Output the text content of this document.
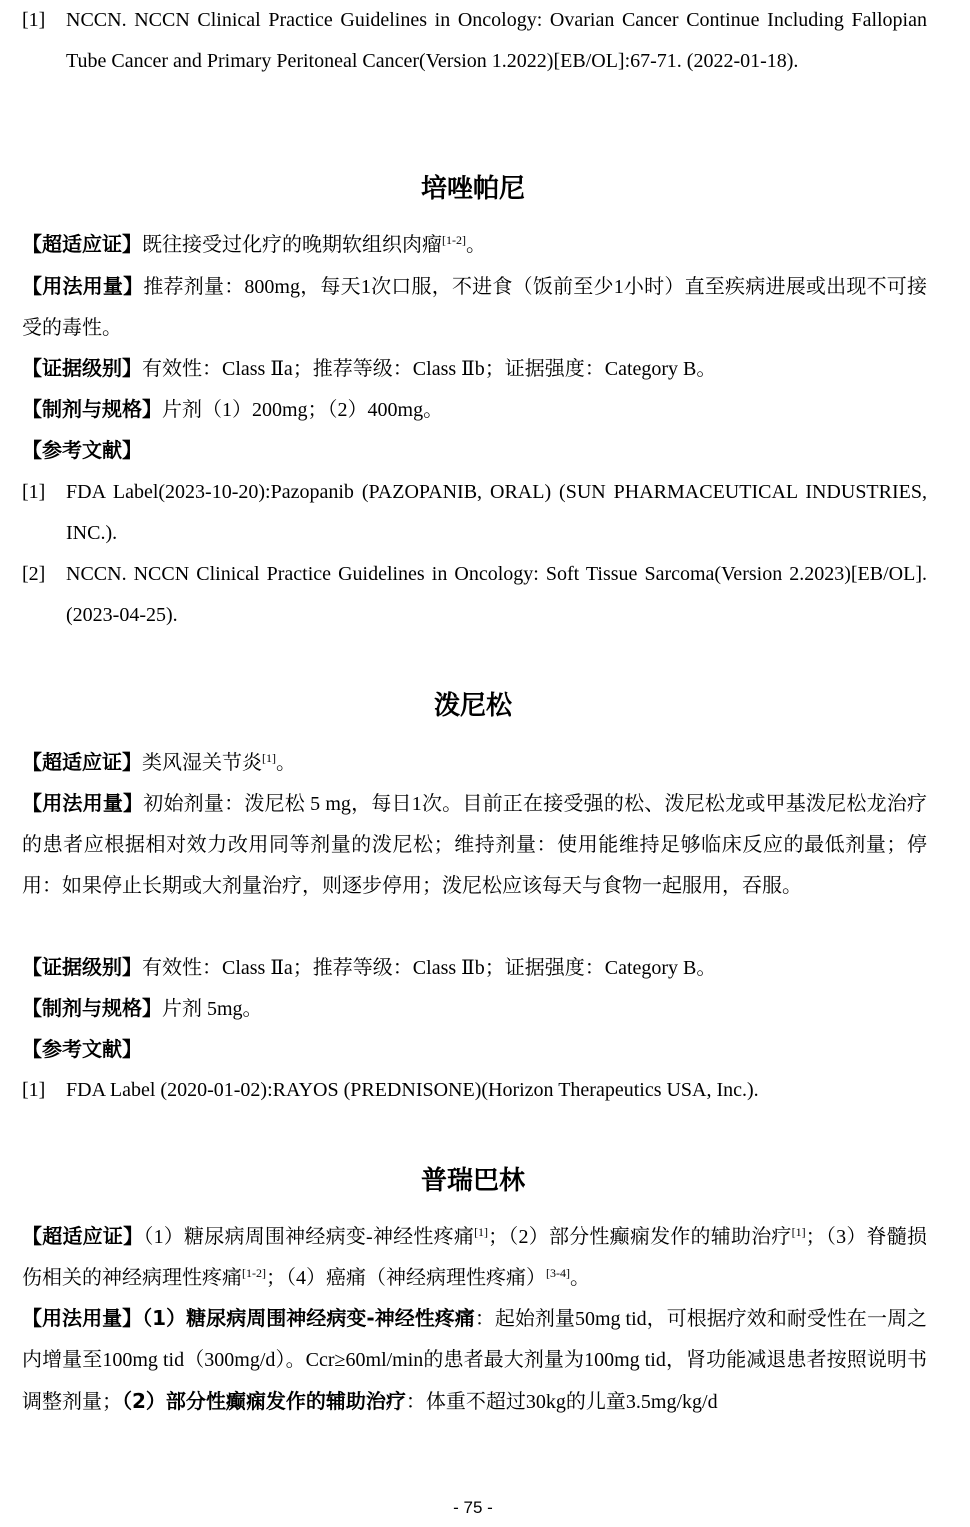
[1]	NCCN. NCCN Clinical Practice Guidelines in Oncology: Ovarian Cancer Continue Including Fallopian Tube Cancer and Primary Peritoneal Cancer(Version 1.2022)[EB/OL]:67-71. (2022-01-18).
培唑帕尼
【超适应证】既往接受过化疗的晚期软组织肉瘤[1-2]。
【用法用量】推荐剂量：800mg，每天1次口服，不进食（饭前至少1小时）直至疾病进展或出现不可接受的毒性。
【证据级别】有效性：Class Ⅱa；推荐等级：Class Ⅱb；证据强度：Category B。
【制剂与规格】片剂（1）200mg；（2）400mg。
【参考文献】
[1]	FDA Label(2023-10-20):Pazopanib (PAZOPANIB, ORAL) (SUN PHARMACEUTICAL INDUSTRIES, INC.).
[2]	NCCN. NCCN Clinical Practice Guidelines in Oncology: Soft Tissue Sarcoma(Version 2.2023)[EB/OL].(2023-04-25).
泼尼松
【超适应证】类风湿关节炎[1]。
【用法用量】初始剂量：泼尼松 5 mg，每日1次。目前正在接受强的松、泼尼松龙或甲基泼尼松龙治疗的患者应根据相对效力改用同等剂量的泼尼松；维持剂量：使用能维持足够临床反应的最低剂量；停用：如果停止长期或大剂量治疗，则逐步停用；泼尼松应该每天与食物一起服用，吞服。
【证据级别】有效性：Class Ⅱa；推荐等级：Class Ⅱb；证据强度：Category B。
【制剂与规格】片剂 5mg。
【参考文献】
[1]	FDA Label (2020-01-02):RAYOS (PREDNISONE)(Horizon Therapeutics USA, Inc.).
普瑞巴林
【超适应证】（1）糖尿病周围神经病变-神经性疼痛[1]；（2）部分性癫痫发作的辅助治疗[1]；（3）脊髓损伤相关的神经病理性疼痛[1-2]；（4）癌痛（神经病理性疼痛）[3-4]。
【用法用量】（1）糖尿病周围神经病变-神经性疼痛：起始剂量50mg tid，可根据疗效和耐受性在一周之内增量至100mg tid（300mg/d）。Ccr≥60ml/min的患者最大剂量为100mg tid，肾功能减退患者按照说明书调整剂量；（2）部分性癫痫发作的辅助治疗：体重不超过30kg的儿童3.5mg/kg/d
- 75 -
